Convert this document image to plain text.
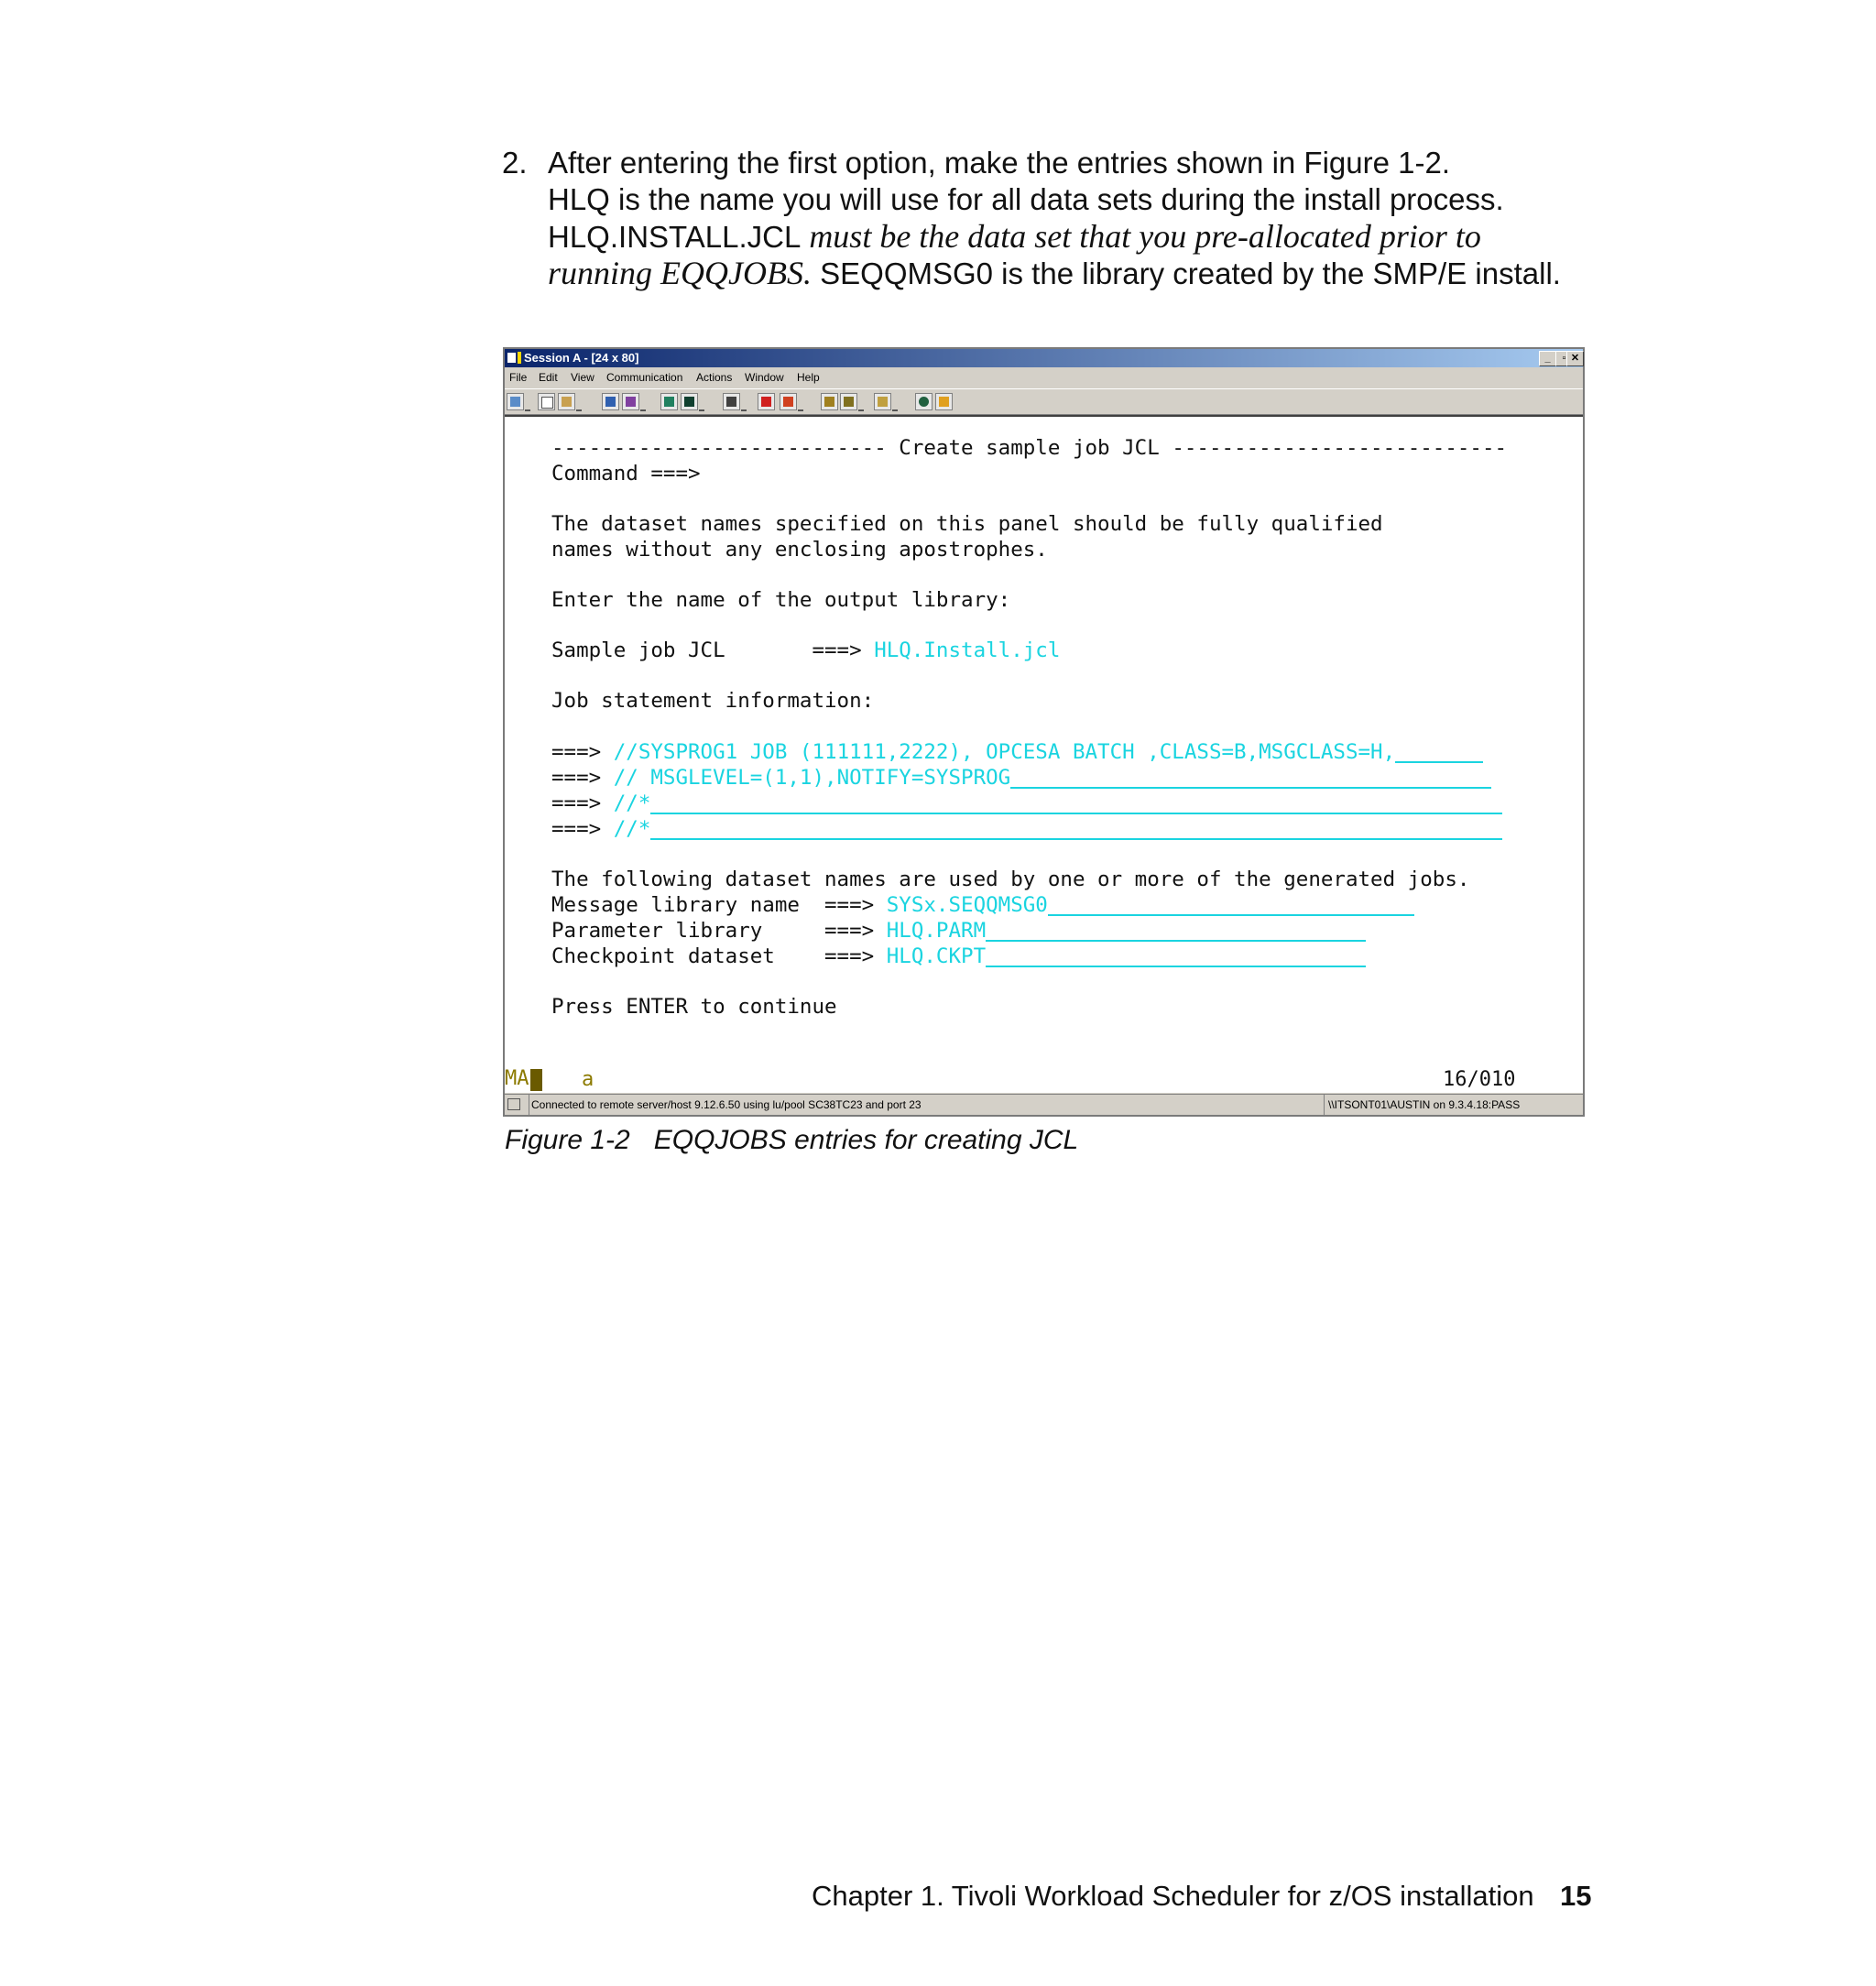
2. After entering the first option, make the entries shown in Figure 1-2.
HLQ is the name you will use for all data sets during the install process.
HLQ.INSTALL.JCL must be the data set that you pre-allocated prior to
running EQQJOBS. SEQQMSG0 is the library created by the SMP/E install.
Session A - [24 x 80]	_	▫ ✕
File Edit View Communication Actions Window Help
--------------------------- Create sample job JCL ---------------------------
Command ===>
The dataset names specified on this panel should be fully qualified
names without any enclosing apostrophes.
Enter the name of the output library:
Sample job JCL       ===> HLQ.Install.jcl
Job statement information:
===> //SYSPROG1 JOB (111111,2222), OPCESA BATCH ,CLASS=B,MSGCLASS=H,
===> // MSGLEVEL=(1,1),NOTIFY=SYSPROG
===> //*
===> //*
The following dataset names are used by one or more of the generated jobs.
Message library name  ===> SYSx.SEQQMSG0
Parameter library     ===> HLQ.PARM
Checkpoint dataset    ===> HLQ.CKPT
Press ENTER to continue
MA	a	16/010
Connected to remote server/host 9.12.6.50 using lu/pool SC38TC23 and port 23	\\ITSONT01\AUSTIN on 9.3.4.18:PASS
Figure 1-2 EQQJOBS entries for creating JCL
Chapter 1. Tivoli Workload Scheduler for z/OS installation 15
